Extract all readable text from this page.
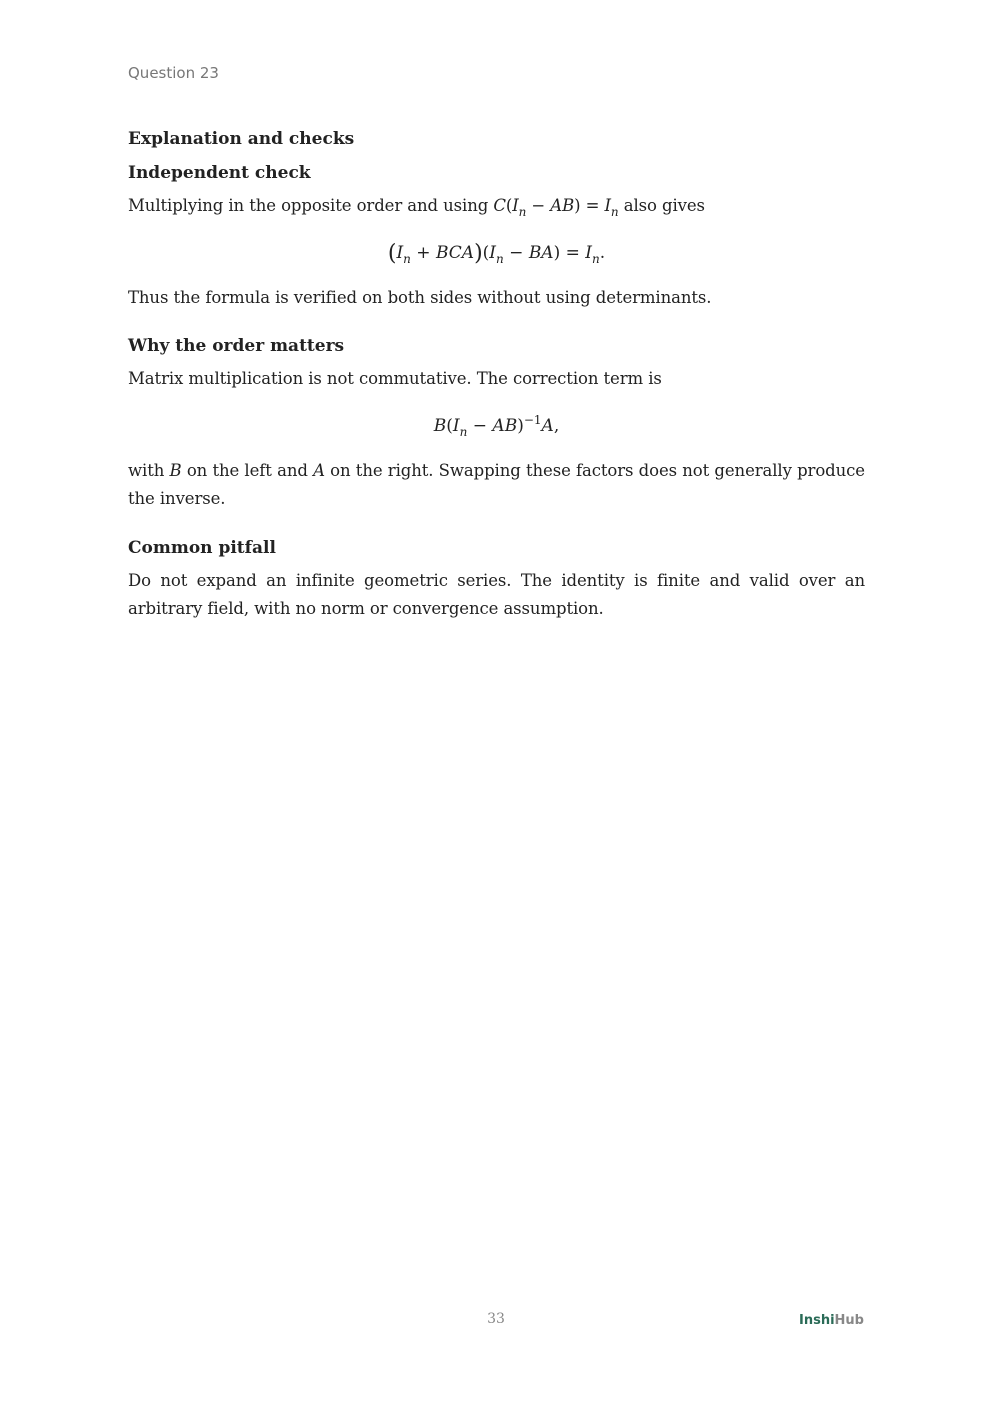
Question 23
Explanation and checks
Independent check

Multiplying in the opposite order and using $C(I_n - AB) = I_n$ also gives

$(I_n + BCA)(I_n - BA) = I_n$.

Thus the formula is verified on both sides without using determinants.

Why the order matters

Matrix multiplication is not commutative. The correction term is

$B(I_n - AB)^{-1}A$,

with B on the left and A on the right. Swapping these factors does not generally produce the inverse.

Common pitfall

Do not expand an infinite geometric series. The identity is finite and valid over an arbitrary field, with no norm or convergence assumption.

33	InshiHub
